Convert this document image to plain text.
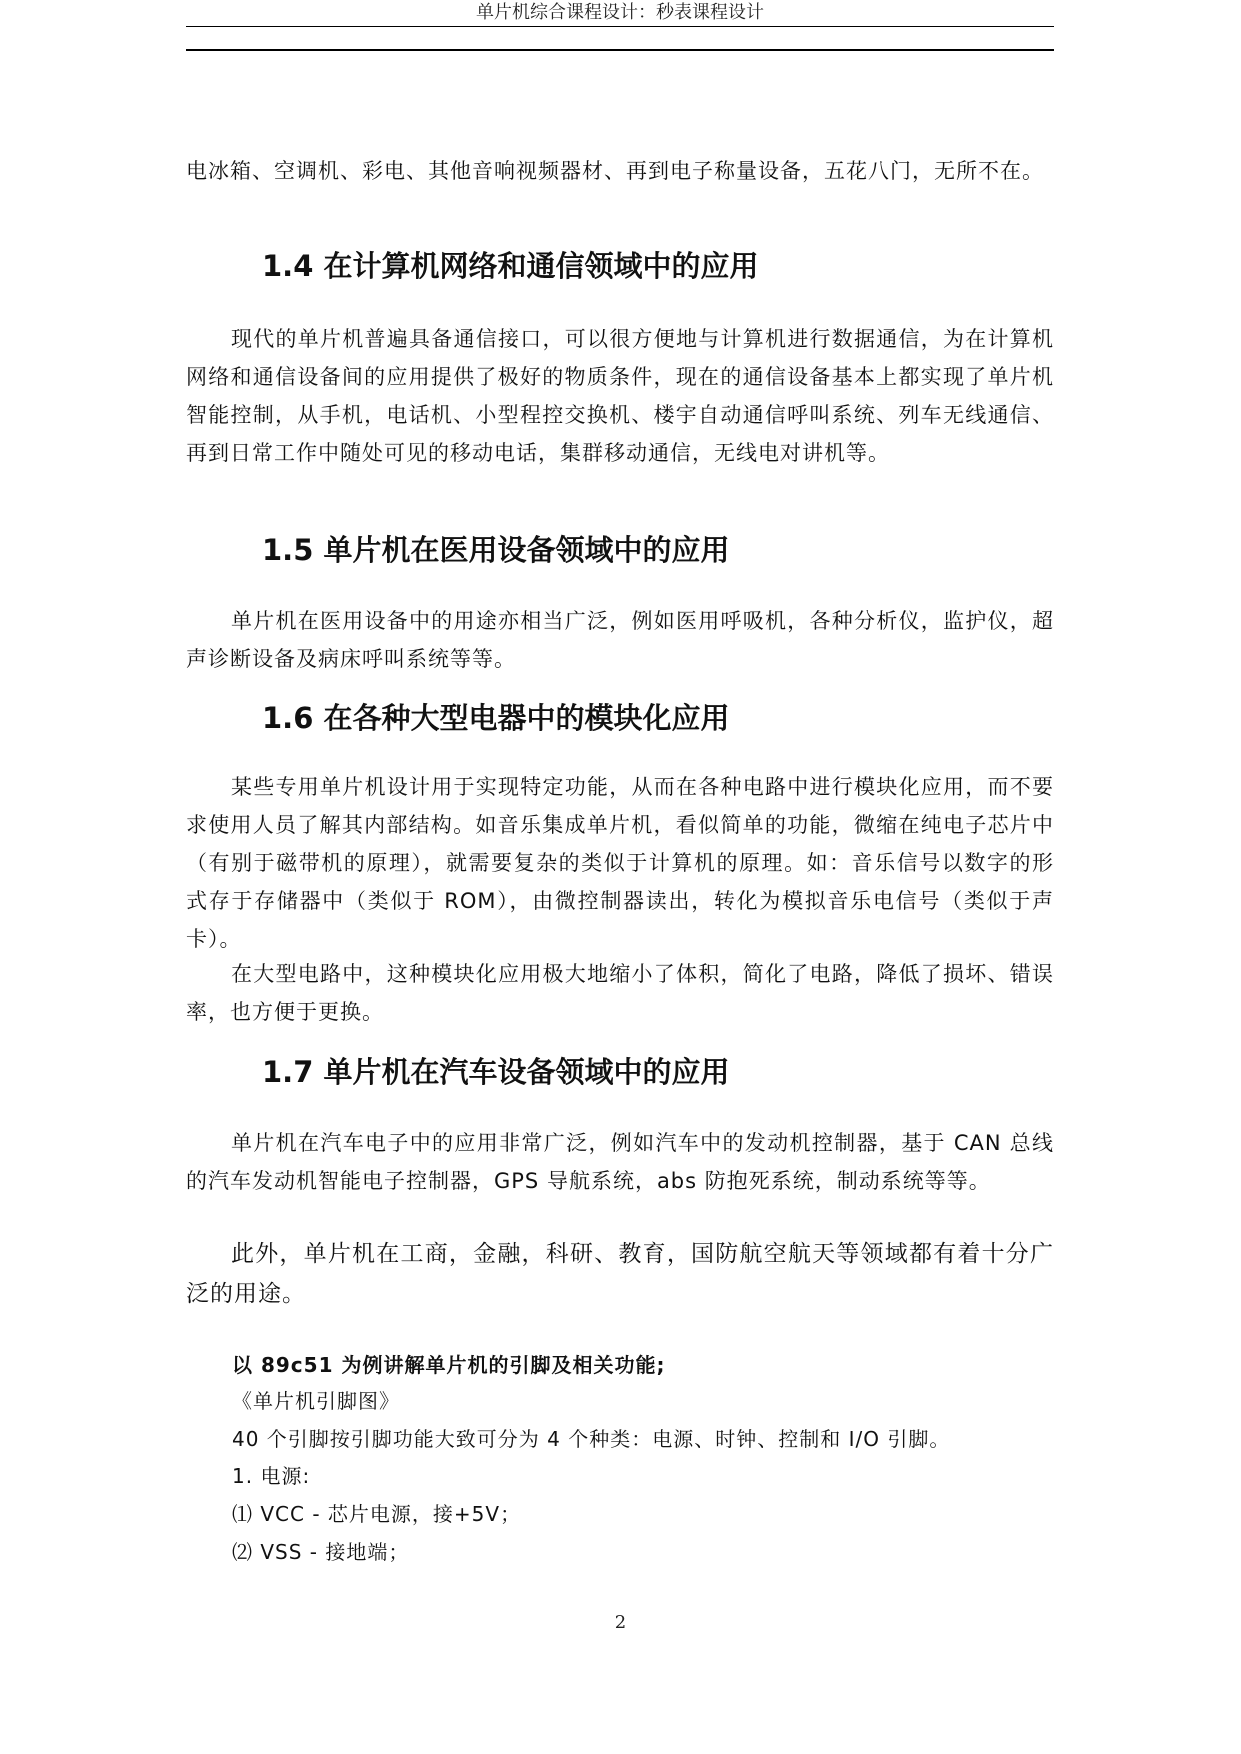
单片机综合课程设计：秒表课程设计

电冰箱、空调机、彩电、其他音响视频器材、再到电子称量设备，五花八门，无所不在。

1.4 在计算机网络和通信领域中的应用

现代的单片机普遍具备通信接口，可以很方便地与计算机进行数据通信，为在计算机网络和通信设备间的应用提供了极好的物质条件，现在的通信设备基本上都实现了单片机智能控制，从手机，电话机、小型程控交换机、楼宇自动通信呼叫系统、列车无线通信、再到日常工作中随处可见的移动电话，集群移动通信，无线电对讲机等。

1.5 单片机在医用设备领域中的应用

单片机在医用设备中的用途亦相当广泛，例如医用呼吸机，各种分析仪，监护仪，超声诊断设备及病床呼叫系统等等。

1.6 在各种大型电器中的模块化应用

某些专用单片机设计用于实现特定功能，从而在各种电路中进行模块化应用，而不要求使用人员了解其内部结构。如音乐集成单片机，看似简单的功能，微缩在纯电子芯片中（有别于磁带机的原理），就需要复杂的类似于计算机的原理。如：音乐信号以数字的形式存于存储器中（类似于 ROM），由微控制器读出，转化为模拟音乐电信号（类似于声卡）。

在大型电路中，这种模块化应用极大地缩小了体积，简化了电路，降低了损坏、错误率，也方便于更换。

1.7 单片机在汽车设备领域中的应用

单片机在汽车电子中的应用非常广泛，例如汽车中的发动机控制器，基于 CAN 总线的汽车发动机智能电子控制器，GPS 导航系统，abs 防抱死系统，制动系统等等。

此外，单片机在工商，金融，科研、教育，国防航空航天等领域都有着十分广泛的用途。

以 89c51 为例讲解单片机的引脚及相关功能;
《单片机引脚图》
40 个引脚按引脚功能大致可分为 4 个种类：电源、时钟、控制和 I/O 引脚。
1. 电源:
⑴ VCC - 芯片电源，接+5V；
⑵ VSS - 接地端；
2
